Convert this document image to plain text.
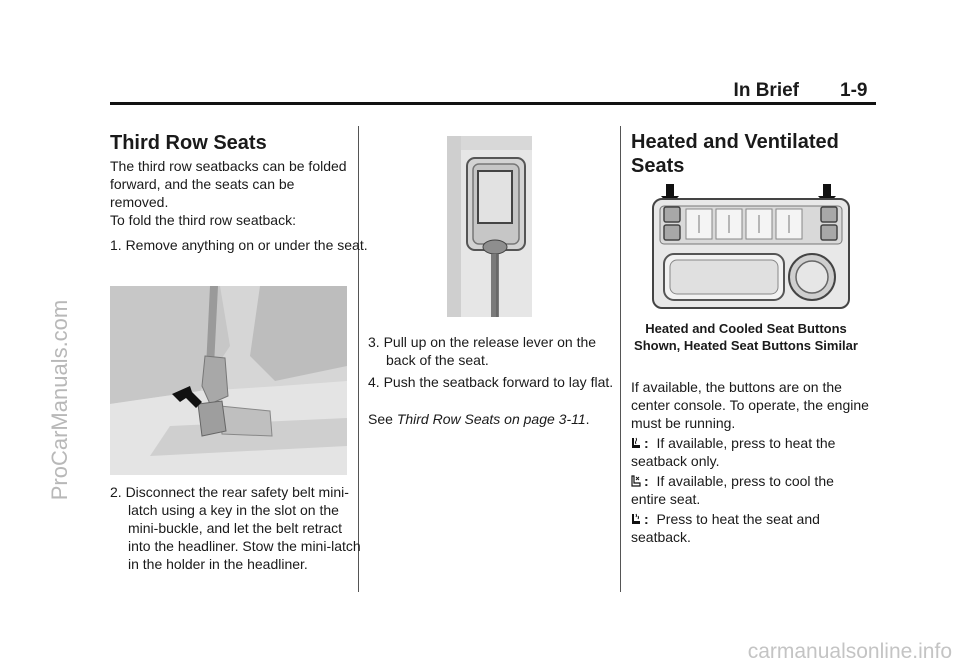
In Brief 1-9
ProCarManuals.com
carmanualsonline.info
Third Row Seats

The third row seatbacks can be folded forward, and the seats can be removed.

To fold the third row seatback:

1. Remove anything on or under the seat.

2. Disconnect the rear safety belt mini-latch using a key in the slot on the mini-buckle, and let the belt retract into the headliner. Stow the mini-latch in the holder in the headliner.

3. Pull up on the release lever on the back of the seat.

4. Push the seatback forward to lay flat.

See Third Row Seats on page 3-11.

Heated and Ventilated Seats

Heated and Cooled Seat Buttons Shown, Heated Seat Buttons Similar

If available, the buttons are on the center console. To operate, the engine must be running.

: If available, press to heat the seatback only.

: If available, press to cool the entire seat.

: Press to heat the seat and seatback.
